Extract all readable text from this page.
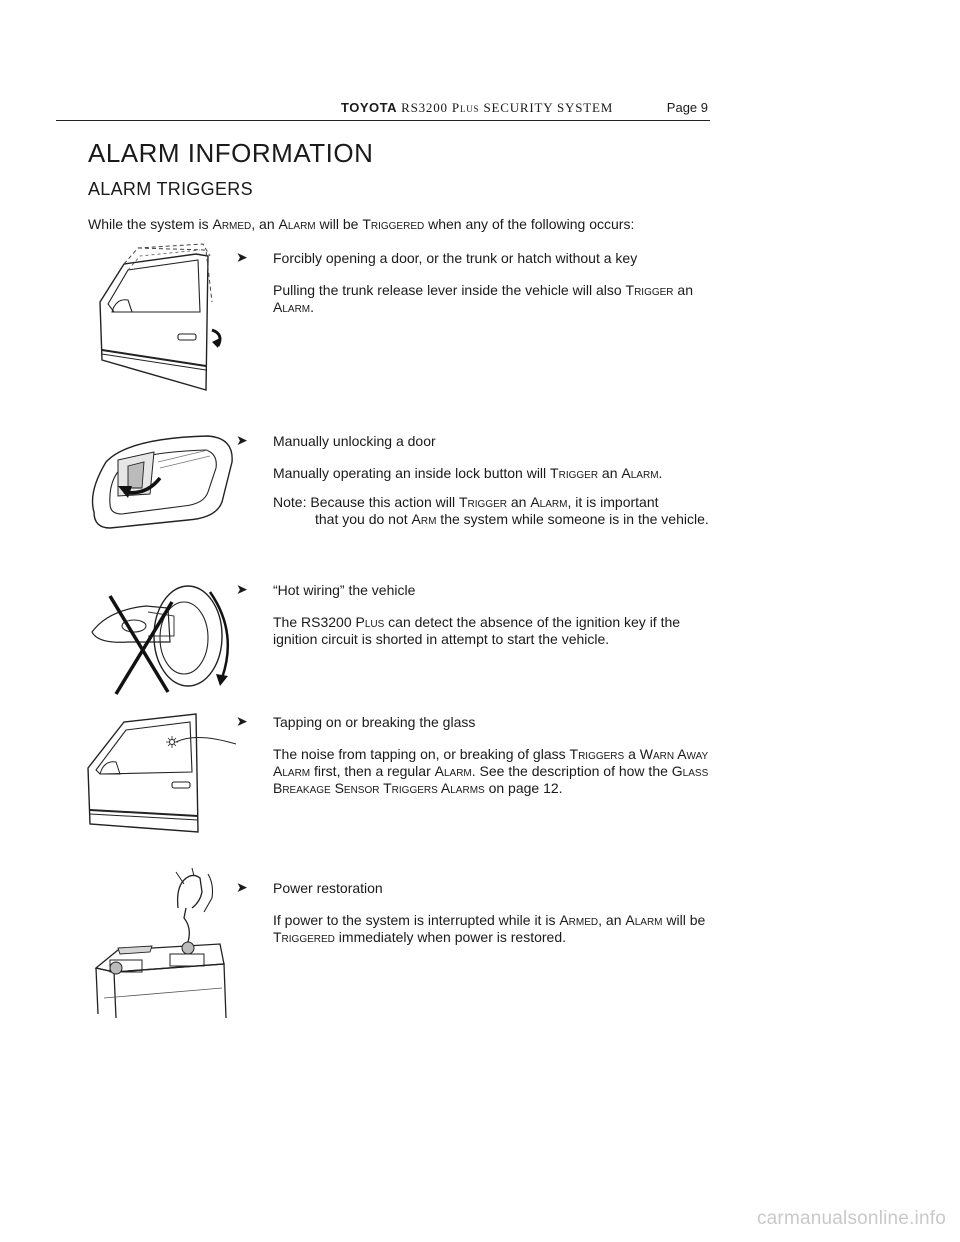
TOYOTA RS3200 Plus SECURITY SYSTEM	Page 9
ALARM INFORMATION
ALARM TRIGGERS

While the system is Armed, an Alarm will be Triggered when any of the following occurs:

➤ Forcibly opening a door, or the trunk or hatch without a key

Pulling the trunk release lever inside the vehicle will also Trigger an Alarm.

➤ Manually unlocking a door

Manually operating an inside lock button will Trigger an Alarm.

Note: Because this action will Trigger an Alarm, it is important
that you do not Arm the system while someone is in the vehicle.

➤ “Hot wiring” the vehicle

The RS3200 Plus can detect the absence of the ignition key if the ignition circuit is shorted in attempt to start the vehicle.

➤ Tapping on or breaking the glass

The noise from tapping on, or breaking of glass Triggers a Warn Away Alarm first, then a regular Alarm. See the description of how the Glass Breakage Sensor Triggers Alarms on page 12.

➤ Power restoration

If power to the system is interrupted while it is Armed, an Alarm will be Triggered immediately when power is restored.

carmanualsonline.info
